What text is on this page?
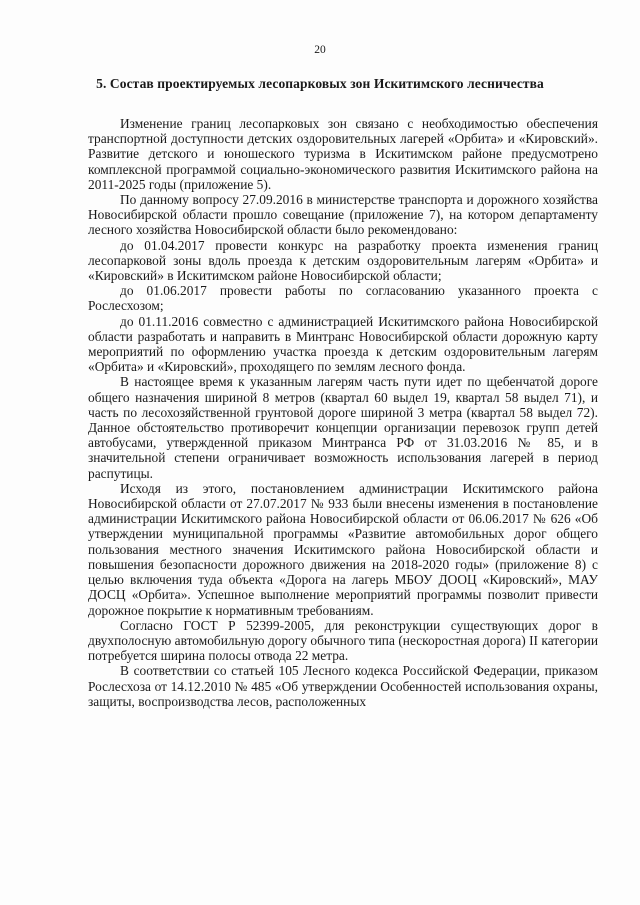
20
5. Состав проектируемых лесопарковых зон Искитимского лесничества

Изменение границ лесопарковых зон связано с необходимостью обеспечения транспортной доступности детских оздоровительных лагерей «Орбита» и «Кировский». Развитие детского и юношеского туризма в Искитимском районе предусмотрено комплексной программой социально-экономического развития Искитимского района на 2011-2025 годы (приложение 5).

По данному вопросу 27.09.2016 в министерстве транспорта и дорожного хозяйства Новосибирской области прошло совещание (приложение 7), на котором департаменту лесного хозяйства Новосибирской области было рекомендовано:

до 01.04.2017 провести конкурс на разработку проекта изменения границ лесопарковой зоны вдоль проезда к детским оздоровительным лагерям «Орбита» и «Кировский» в Искитимском районе Новосибирской области;

до 01.06.2017 провести работы по согласованию указанного проекта с Рослесхозом;

до 01.11.2016 совместно с администрацией Искитимского района Новосибирской области разработать и направить в Минтранс Новосибирской области дорожную карту мероприятий по оформлению участка проезда к детским оздоровительным лагерям «Орбита» и «Кировский», проходящего по землям лесного фонда.

В настоящее время к указанным лагерям часть пути идет по щебенчатой дороге общего назначения шириной 8 метров (квартал 60 выдел 19, квартал 58 выдел 71), и часть по лесохозяйственной грунтовой дороге шириной 3 метра (квартал 58 выдел 72). Данное обстоятельство противоречит концепции организации перевозок групп детей автобусами, утвержденной приказом Минтранса РФ от 31.03.2016 № 85, и в значительной степени ограничивает возможность использования лагерей в период распутицы.

Исходя из этого, постановлением администрации Искитимского района Новосибирской области от 27.07.2017 № 933 были внесены изменения в постановление администрации Искитимского района Новосибирской области от 06.06.2017 № 626 «Об утверждении муниципальной программы «Развитие автомобильных дорог общего пользования местного значения Искитимского района Новосибирской области и повышения безопасности дорожного движения на 2018-2020 годы» (приложение 8) с целью включения туда объекта «Дорога на лагерь МБОУ ДООЦ «Кировский», МАУ ДОСЦ «Орбита». Успешное выполнение мероприятий программы позволит привести дорожное покрытие к нормативным требованиям.

Согласно ГОСТ Р 52399-2005, для реконструкции существующих дорог в двухполосную автомобильную дорогу обычного типа (нескоростная дорога) II категории потребуется ширина полосы отвода 22 метра.

В соответствии со статьей 105 Лесного кодекса Российской Федерации, приказом Рослесхоза от 14.12.2010 № 485 «Об утверждении Особенностей использования охраны, защиты, воспроизводства лесов, расположенных
